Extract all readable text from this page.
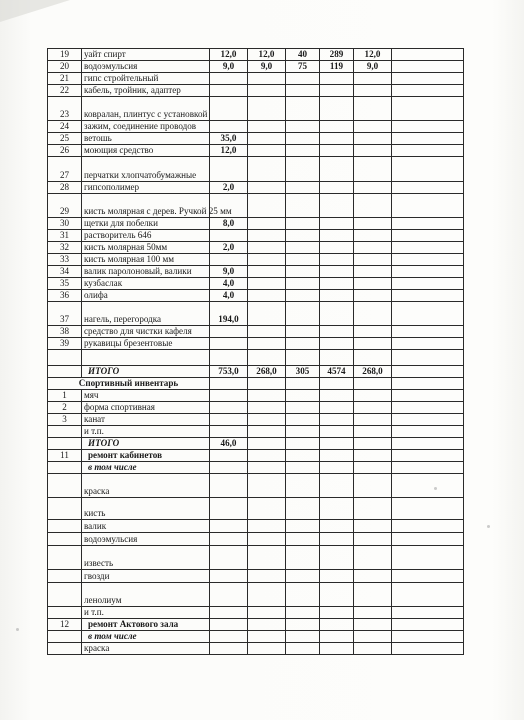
19	уайт спирт	12,0	12,0	40	289	12,0	
20	водоэмульсия	9,0	9,0	75	119	9,0	
21	гипс стройтельный						
22	кабель, тройник, адаптер						
23	ковралан, плинтус с установкой						
24	зажим, соединение проводов						
25	ветошь	35,0					
26	моющия средство	12,0					
27	перчатки хлопчатобумажные						
28	гипсополимер	2,0					
29	кисть молярная с дерев. Ручкой 25 мм						
30	щетки для побелки	8,0					
31	растворитель 646						
32	кисть молярная 50мм	2,0					
33	кисть молярная 100 мм						
34	валик паролоновый, валики	9,0					
35	кузбаслак	4,0					
36	олифа	4,0					
37	нагель, перегородка	194,0					
38	средство для чистки кафеля						
39	рукавицы брезентовые						

	ИТОГО	753,0	268,0	305	4574	268,0	
Спортивный инвентарь							
1	мяч						
2	форма спортивная						
3	канат						
	и т.п.						
	ИТОГО	46,0					
11	ремонт кабинетов						
	в том числе						
	краска						
	кисть						
	валик						
	водоэмульсия						
	известь						
	гвозди						
	ленолиум						
	и т.п.						
12	ремонт Актового зала						
	в том числе						
	краска						
